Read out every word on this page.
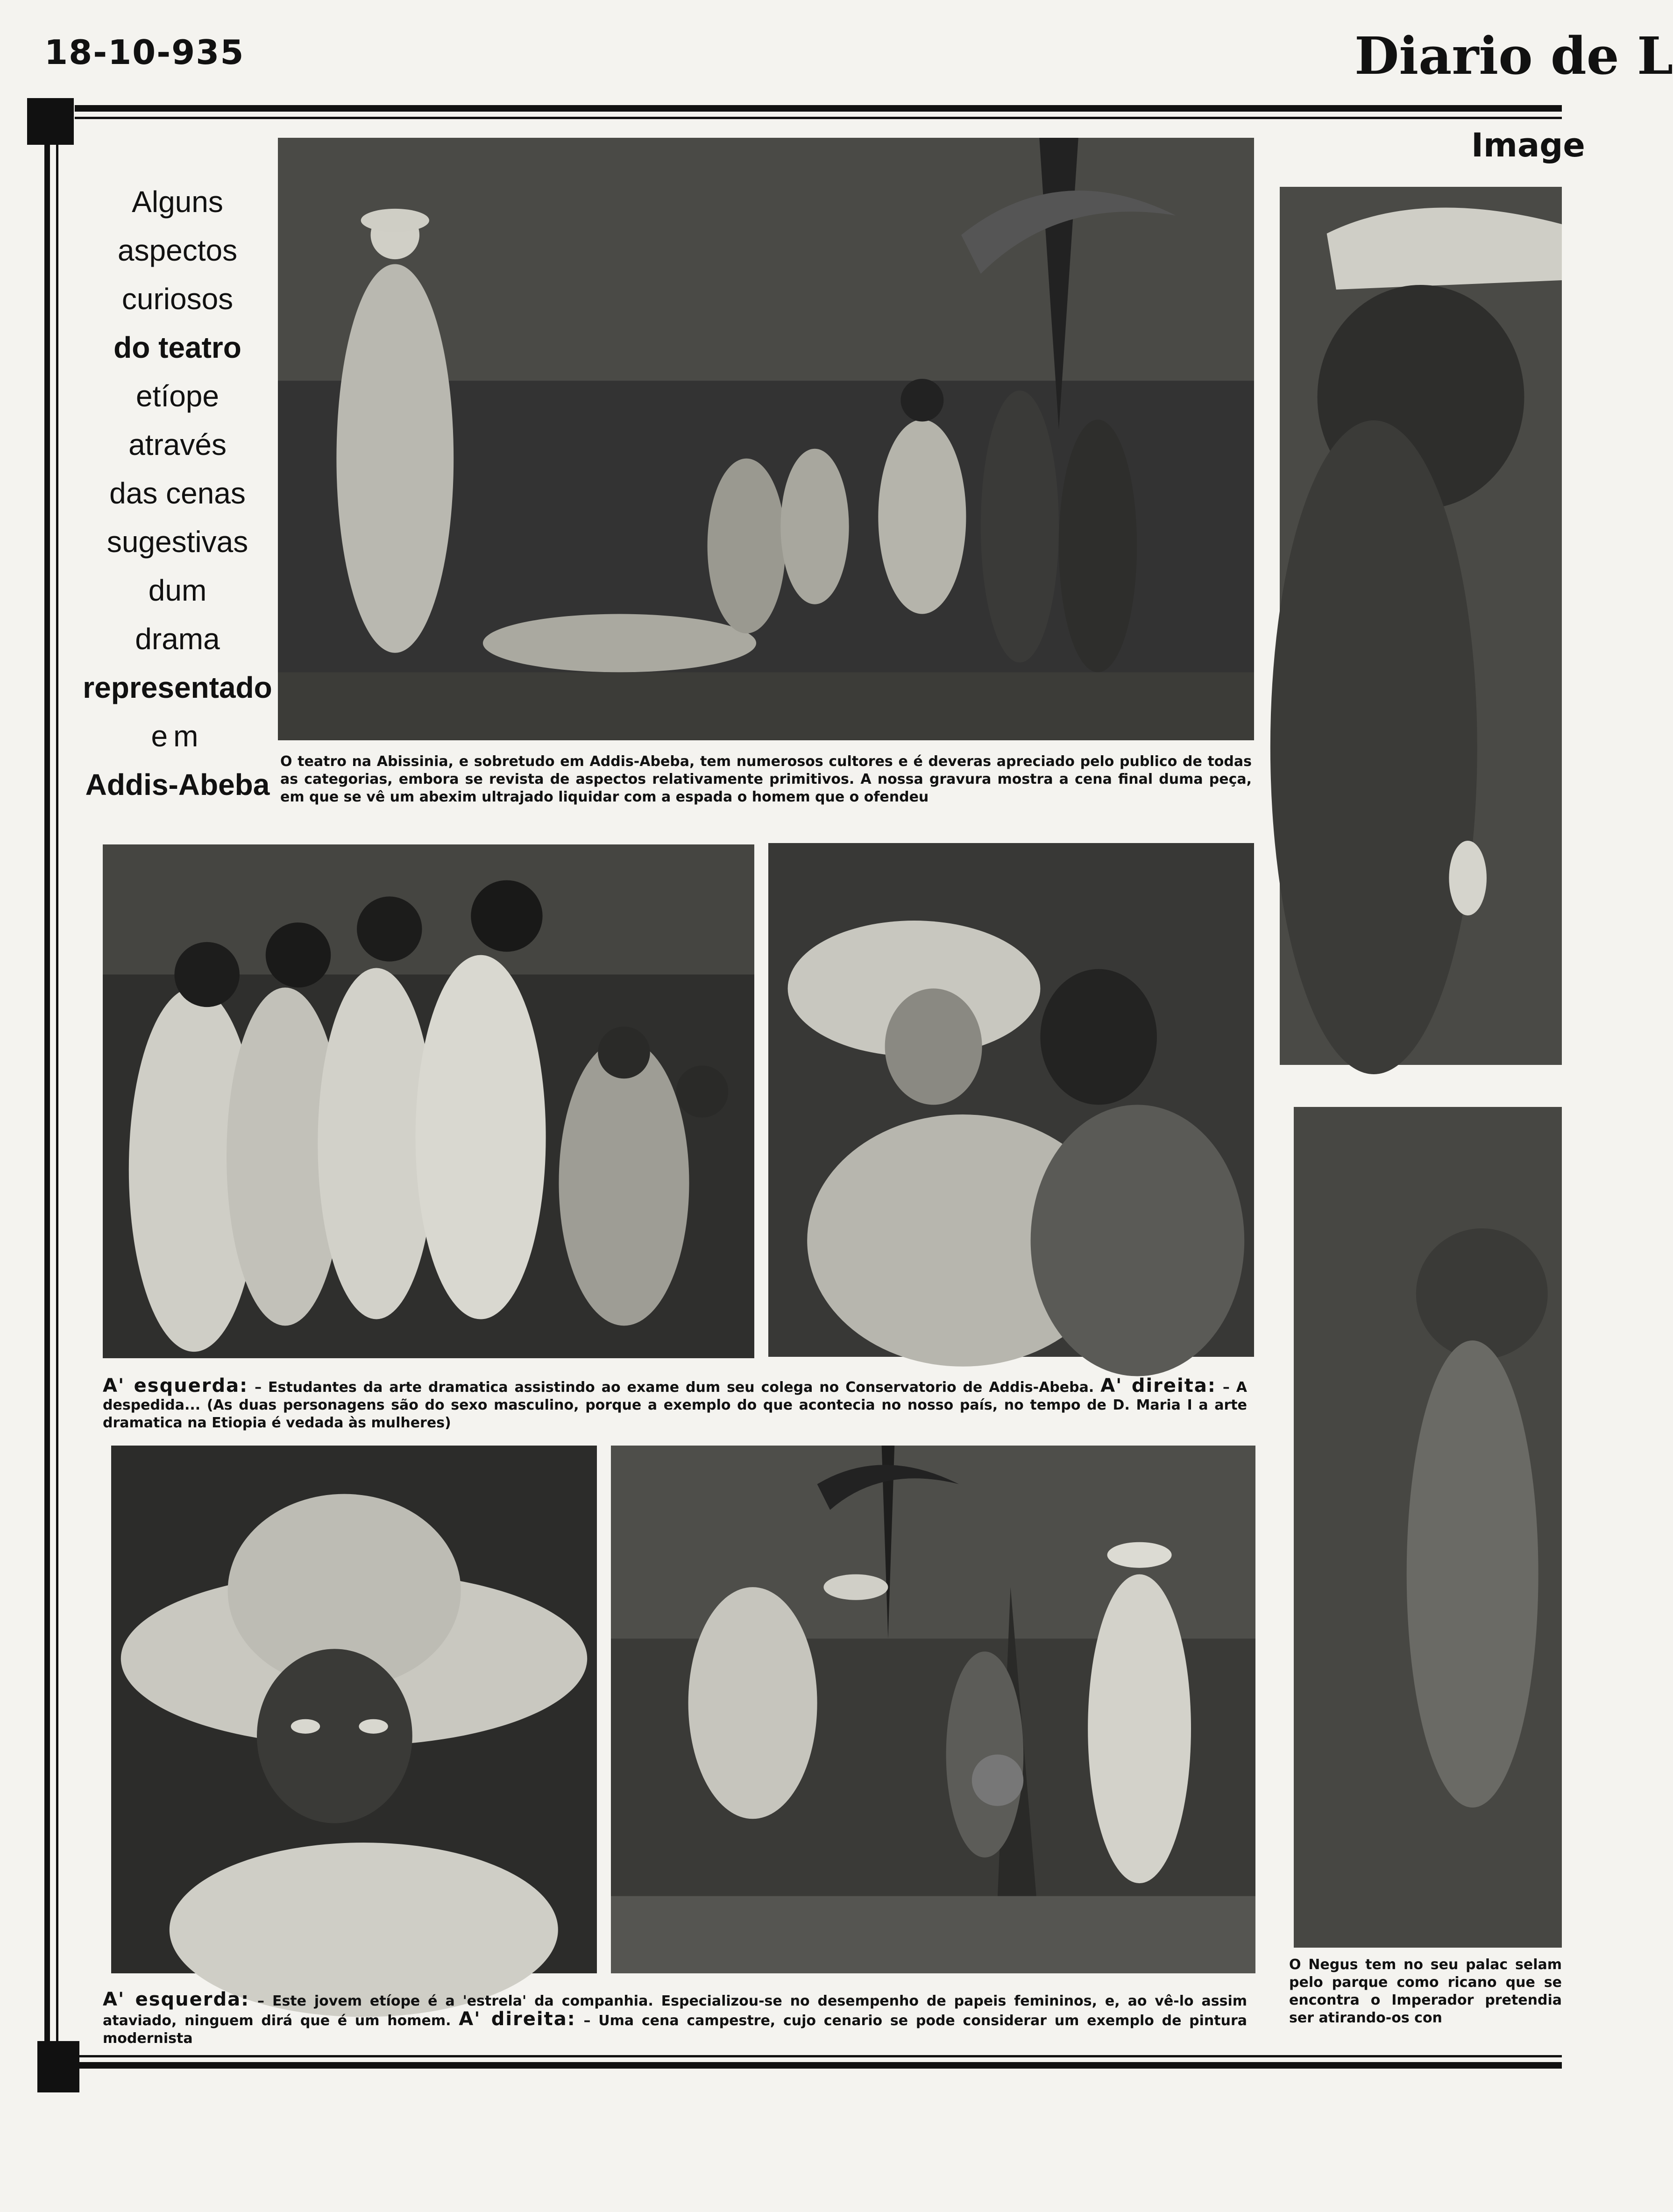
18-10-935	Diario de L
Image
Alguns
aspectos
curiosos
do teatro
etíope
através
das cenas
sugestivas
dum
drama
representado
em
Addis-Abeba
O teatro na Abissinia, e sobretudo em Addis-Abeba, tem numerosos cultores e é deveras apreciado pelo publico de todas as categorias, embora se revista de aspectos relativamente primitivos. A nossa gravura mostra a cena final duma peça, em que se vê um abexim ultrajado liquidar com a espada o homem que o ofendeu
A' esquerda: – Estudantes da arte dramatica assistindo ao exame dum seu colega no Conservatorio de Addis-Abeba. A' direita: – A despedida... (As duas personagens são do sexo masculino, porque a exemplo do que acontecia no nosso país, no tempo de D. Maria I a arte dramatica na Etiopia é vedada às mulheres)
A' esquerda: – Este jovem etíope é a 'estrela' da companhia. Especializou-se no desempenho de papeis femininos, e, ao vê-lo assim ataviado, ninguem dirá que é um homem. A' direita: – Uma cena campestre, cujo cenario se pode considerar um exemplo de pintura modernista
O Negus tem no seu palac selam pelo parque como ricano que se encontra o Imperador pretendia ser atirando-os con
